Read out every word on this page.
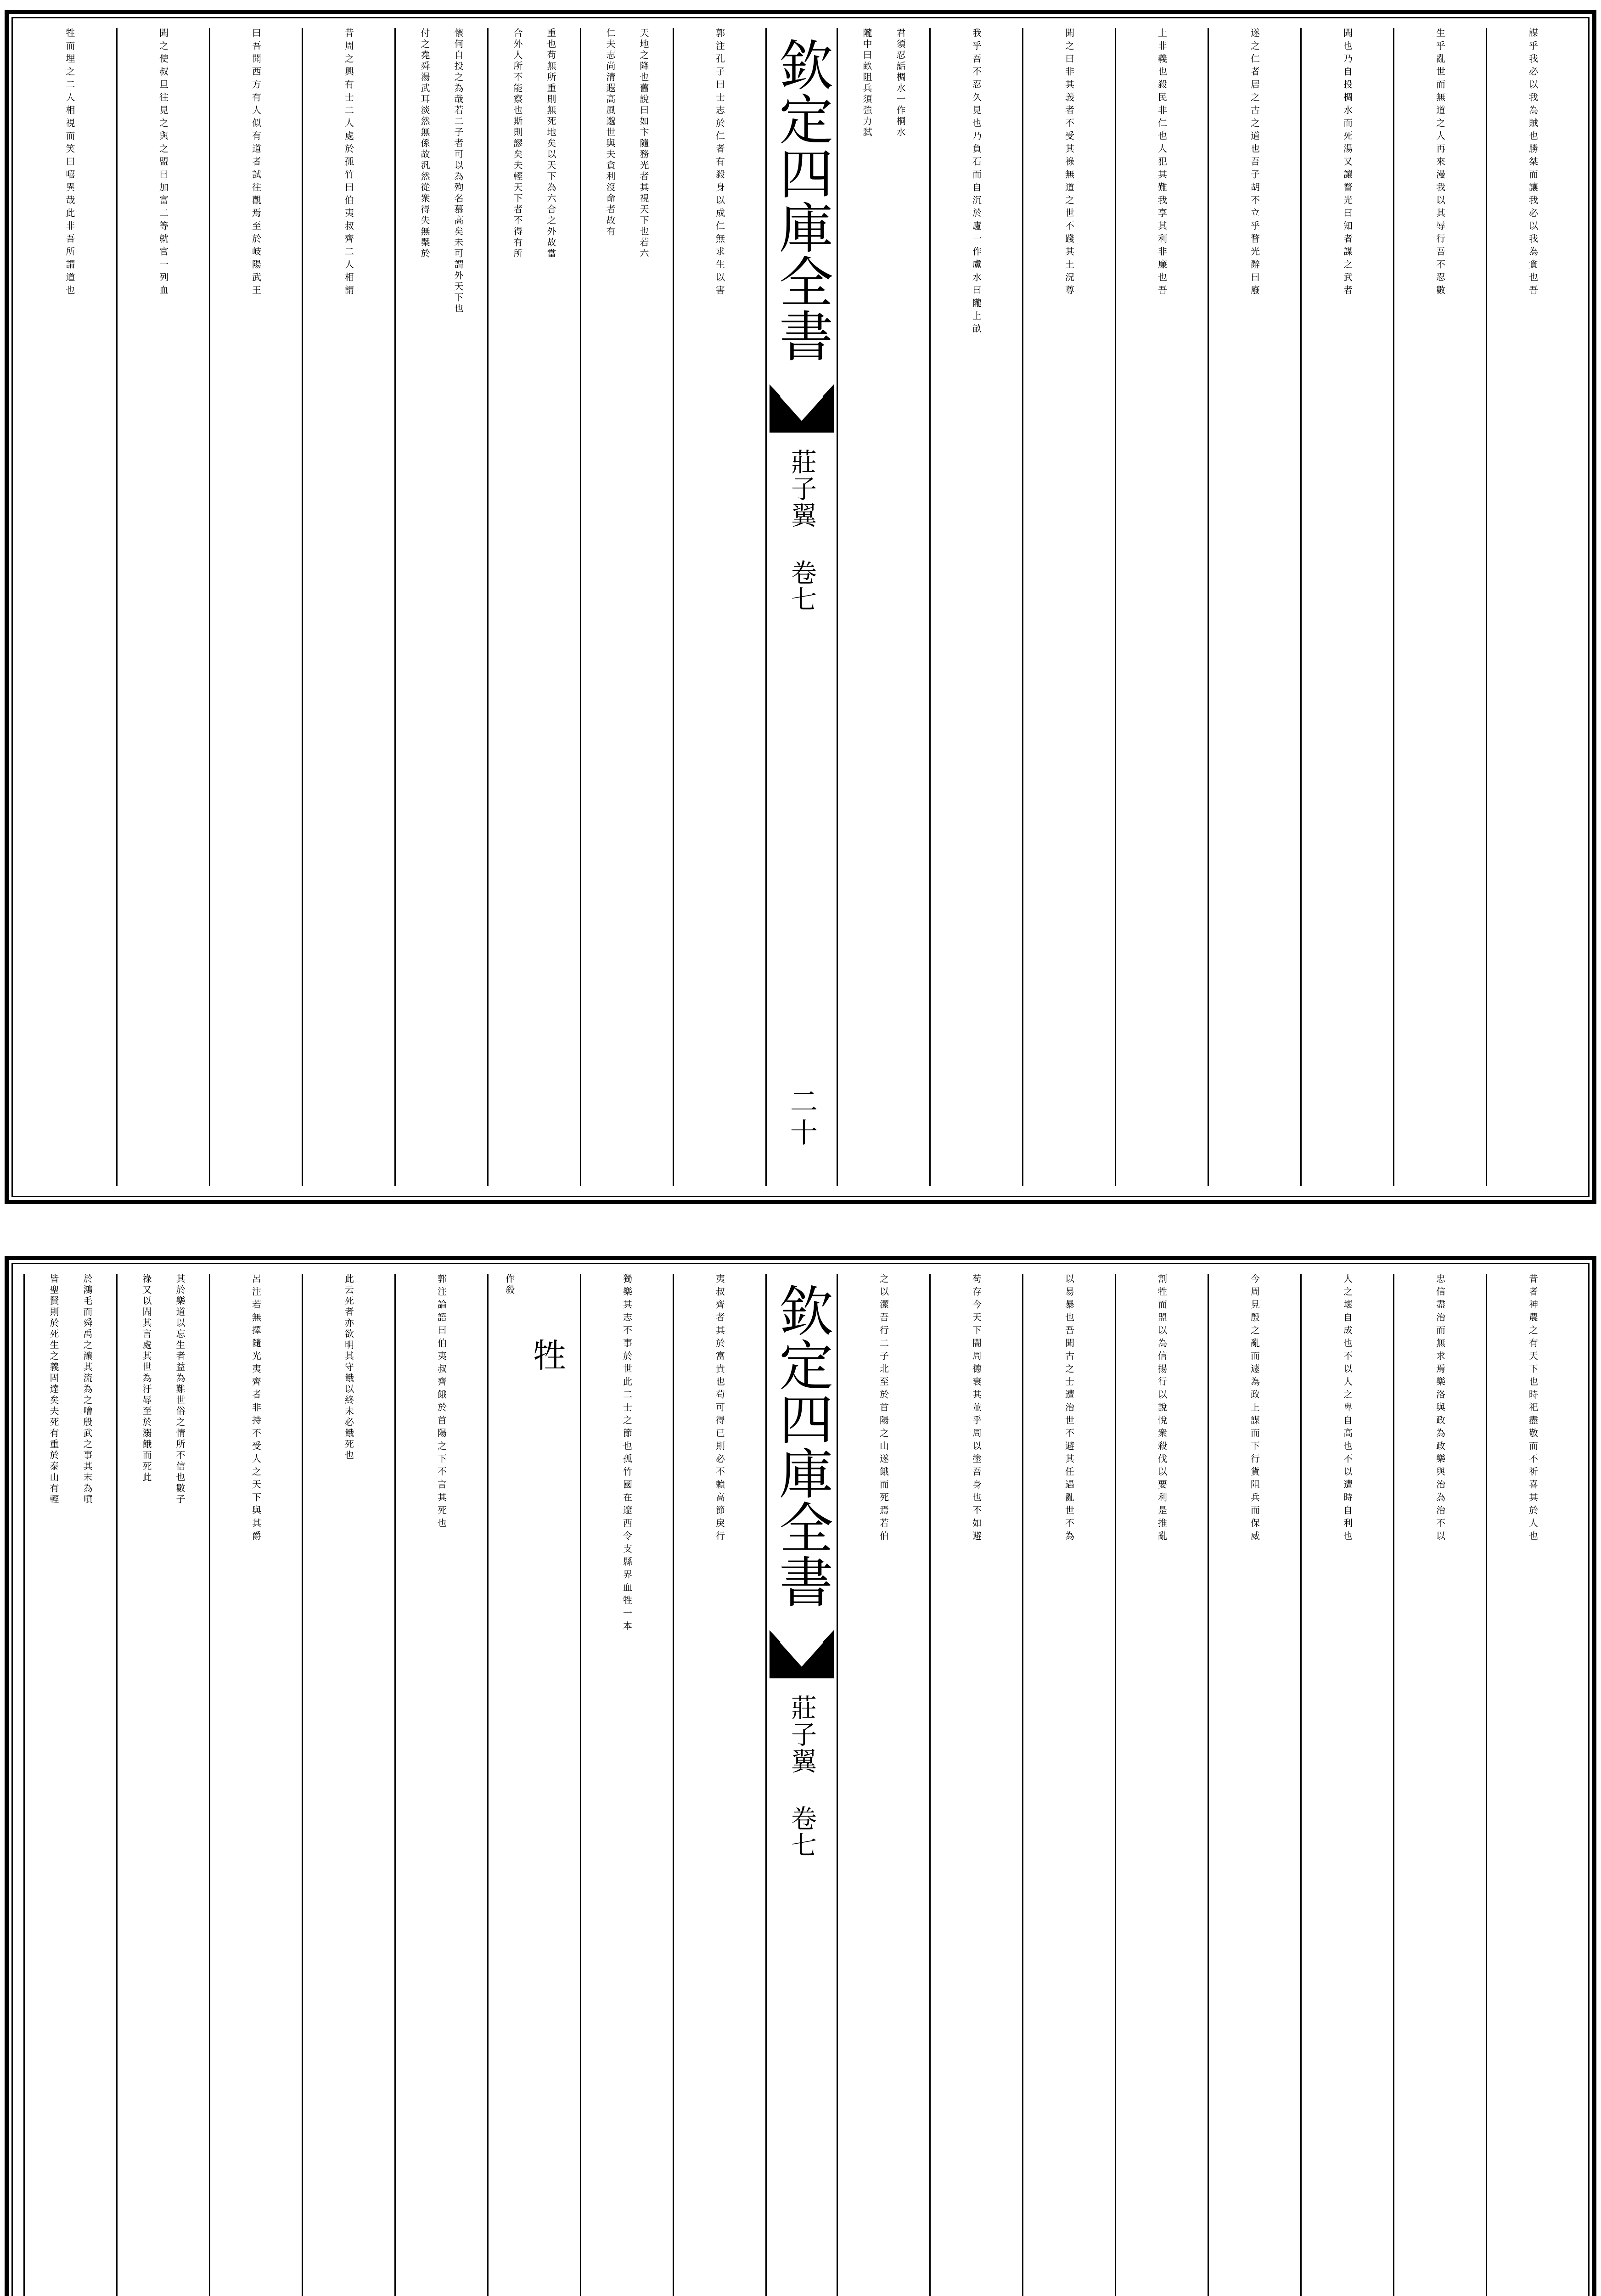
謀乎我必以我為賊也勝桀而讓我必以我為貪也吾
生乎亂世而無道之人再來漫我以其辱行吾不忍數
聞也乃自投椆水而死湯又讓瞀光曰知者謀之武者
遂之仁者居之古之道也吾子胡不立乎瞀光辭曰廢
上非義也殺民非仁也人犯其難我享其利非廉也吾
聞之曰非其義者不受其祿無道之世不踐其土況尊
我乎吾不忍久見也乃負石而自沉於廬一作盧水曰隴上畝
隴中曰畝阻兵須強力弑 君須忍詬椆水一作桐水
欽定四庫全書
莊子翼 卷七
二十
郭注孔子曰士志於仁者有殺身以成仁無求生以害
仁夫志尚清遐高風邈世與夫貪利沒命者故有 天地之降也舊說曰如卞隨務光者其視天下也若六
合外人所不能察也斯則謬矣夫輕天下者不得有所 重也苟無所重則無死地矣以天下為六合之外故當
付之堯舜湯武耳淡然無係故汎然從衆得失無槩於 懷何自投之為哉若二子者可以為殉名慕高矣未可謂外天下也
昔周之興有士二人處於孤竹曰伯夷叔齊二人相謂
曰吾聞西方有人似有道者試往觀焉至於岐陽武王
聞之使叔旦往見之與之盟曰加富二等就官一列血
牲而埋之二人相視而笑曰嘻異哉此非吾所謂道也
昔者神農之有天下也時祀盡敬而不祈喜其於人也
忠信盡治而無求焉樂洛與政為政樂與治為治不以
人之壞自成也不以人之卑自高也不以遭時自利也
今周見殷之亂而遽為政上謀而下行貨阻兵而保威
割牲而盟以為信揚行以說悅衆殺伐以要利是推亂
以易暴也吾聞古之士遭治世不避其任遇亂世不為
苟存今天下闇周德衰其並乎周以塗吾身也不如避
之以潔吾行二子北至於首陽之山遂餓而死焉若伯
欽定四庫全書
莊子翼 卷七
夷叔齊者其於富貴也苟可得已則必不賴高節戾行
獨樂其志不事於世此二士之節也孤竹國在遼西令支縣界血牲一本
作殺
牲
郭注論語曰伯夷叔齊餓於首陽之下不言其死也
此云死者亦欲明其守餓以終未必餓死也
呂注若無擇隨光夷齊者非持不受人之天下與其爵
祿又以聞其言處其世為汙辱至於溺餓而死此 其於樂道以忘生者益為難世俗之情所不信也數子
皆聖賢則於死生之義固達矣夫死有重於泰山有輕 於鴻毛而舜禹之讓其流為之噲殷武之事其末為噴
